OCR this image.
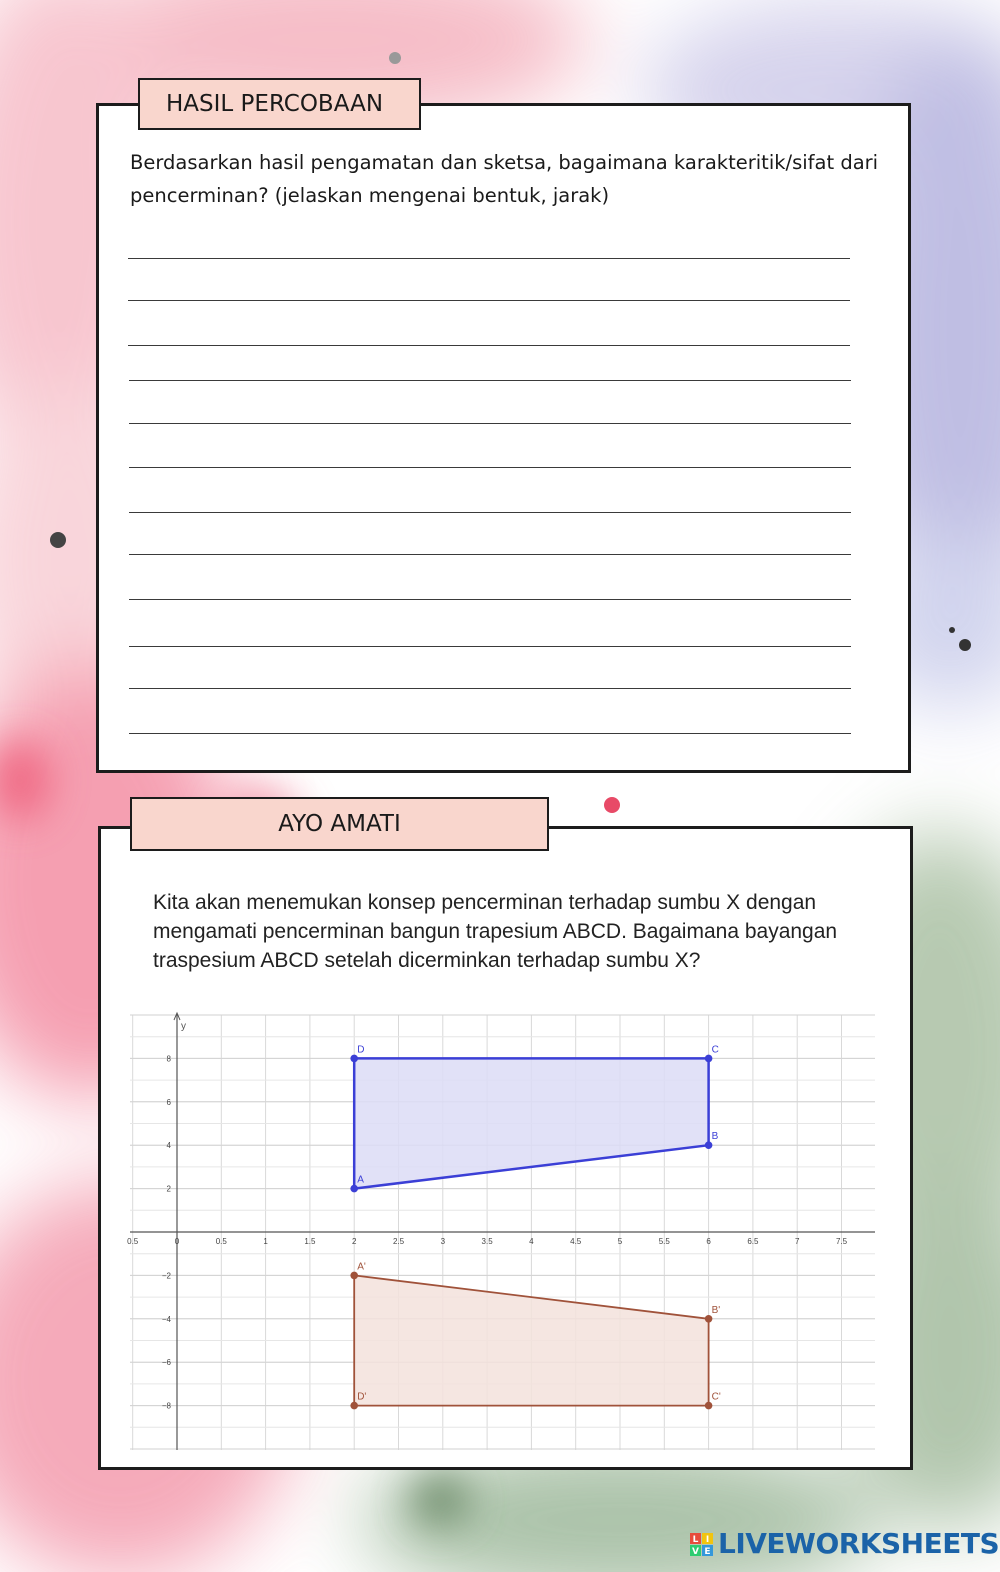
HASIL PERCOBAAN
Berdasarkan hasil pengamatan dan sketsa, bagaimana karakteritik/sifat dari pencerminan? (jelaskan mengenai bentuk, jarak)
AYO AMATI
Kita akan menemukan konsep pencerminan terhadap sumbu X dengan
mengamati pencerminan bangun trapesium ABCD. Bagaimana bayangan
traspesium ABCD setelah dicerminkan terhadap sumbu X?
y
0.5	0	0.5	1	1.5	2	2.5	3	3.5	4	4.5	5	5.5	6	6.5	7	7.5
8
6
4
2
−2
−4
−6
−8
A
B
C
D
A'
B'
C'
D'
L I
V E LIVEWORKSHEETS
